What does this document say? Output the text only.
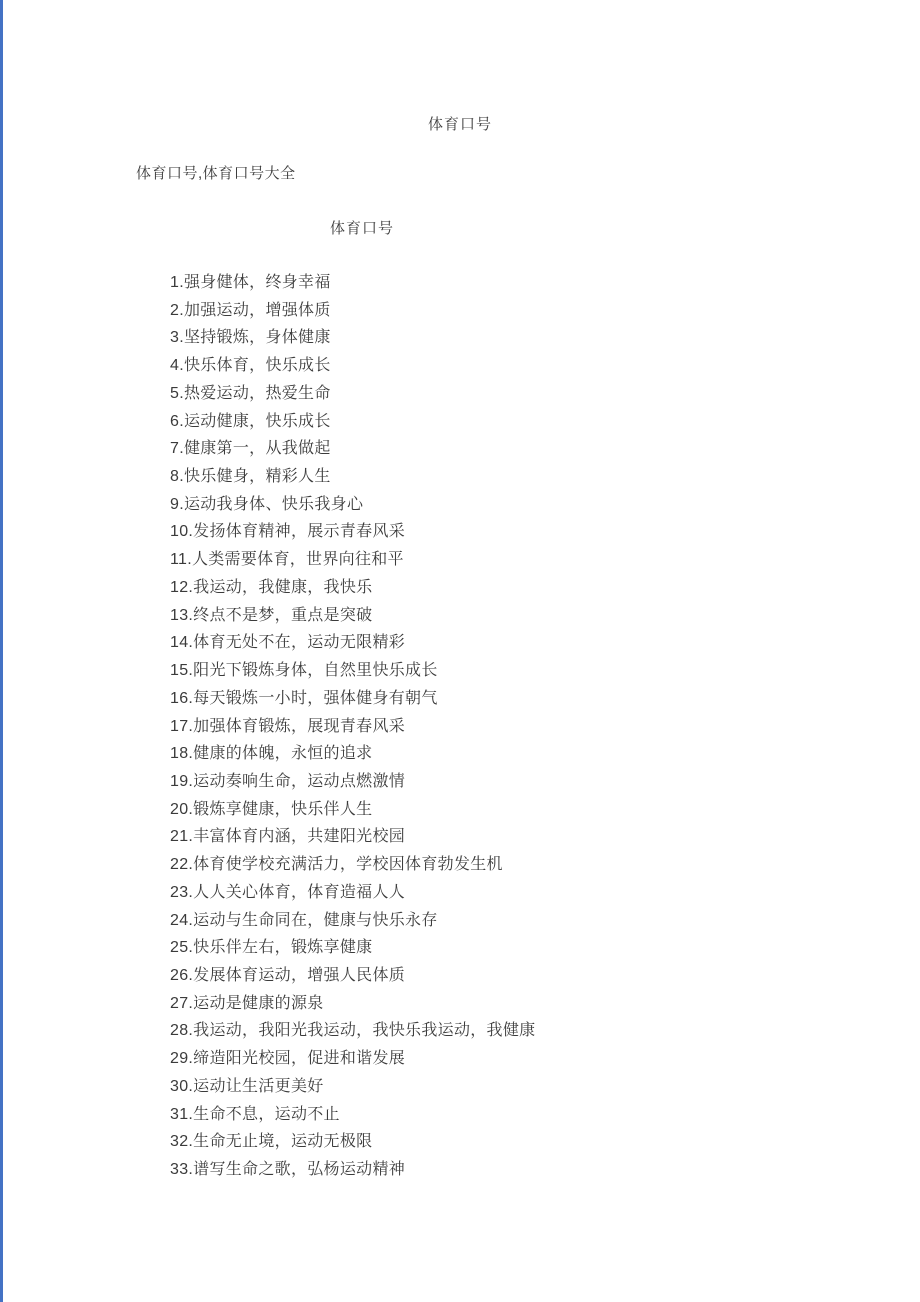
体育口号
体育口号,体育口号大全
体育口号
1.强身健体，终身幸福
2.加强运动，增强体质
3.坚持锻炼，身体健康
4.快乐体育，快乐成长
5.热爱运动，热爱生命
6.运动健康，快乐成长
7.健康第一，从我做起
8.快乐健身，精彩人生
9.运动我身体、快乐我身心
10.发扬体育精神，展示青春风采
11.人类需要体育，世界向往和平
12.我运动，我健康，我快乐
13.终点不是梦，重点是突破
14.体育无处不在，运动无限精彩
15.阳光下锻炼身体，自然里快乐成长
16.每天锻炼一小时，强体健身有朝气
17.加强体育锻炼，展现青春风采
18.健康的体魄，永恒的追求
19.运动奏响生命，运动点燃激情
20.锻炼享健康，快乐伴人生
21.丰富体育内涵，共建阳光校园
22.体育使学校充满活力，学校因体育勃发生机
23.人人关心体育，体育造福人人
24.运动与生命同在，健康与快乐永存
25.快乐伴左右，锻炼享健康
26.发展体育运动，增强人民体质
27.运动是健康的源泉
28.我运动，我阳光我运动，我快乐我运动，我健康
29.缔造阳光校园，促进和谐发展
30.运动让生活更美好
31.生命不息，运动不止
32.生命无止境，运动无极限
33.谱写生命之歌，弘杨运动精神
